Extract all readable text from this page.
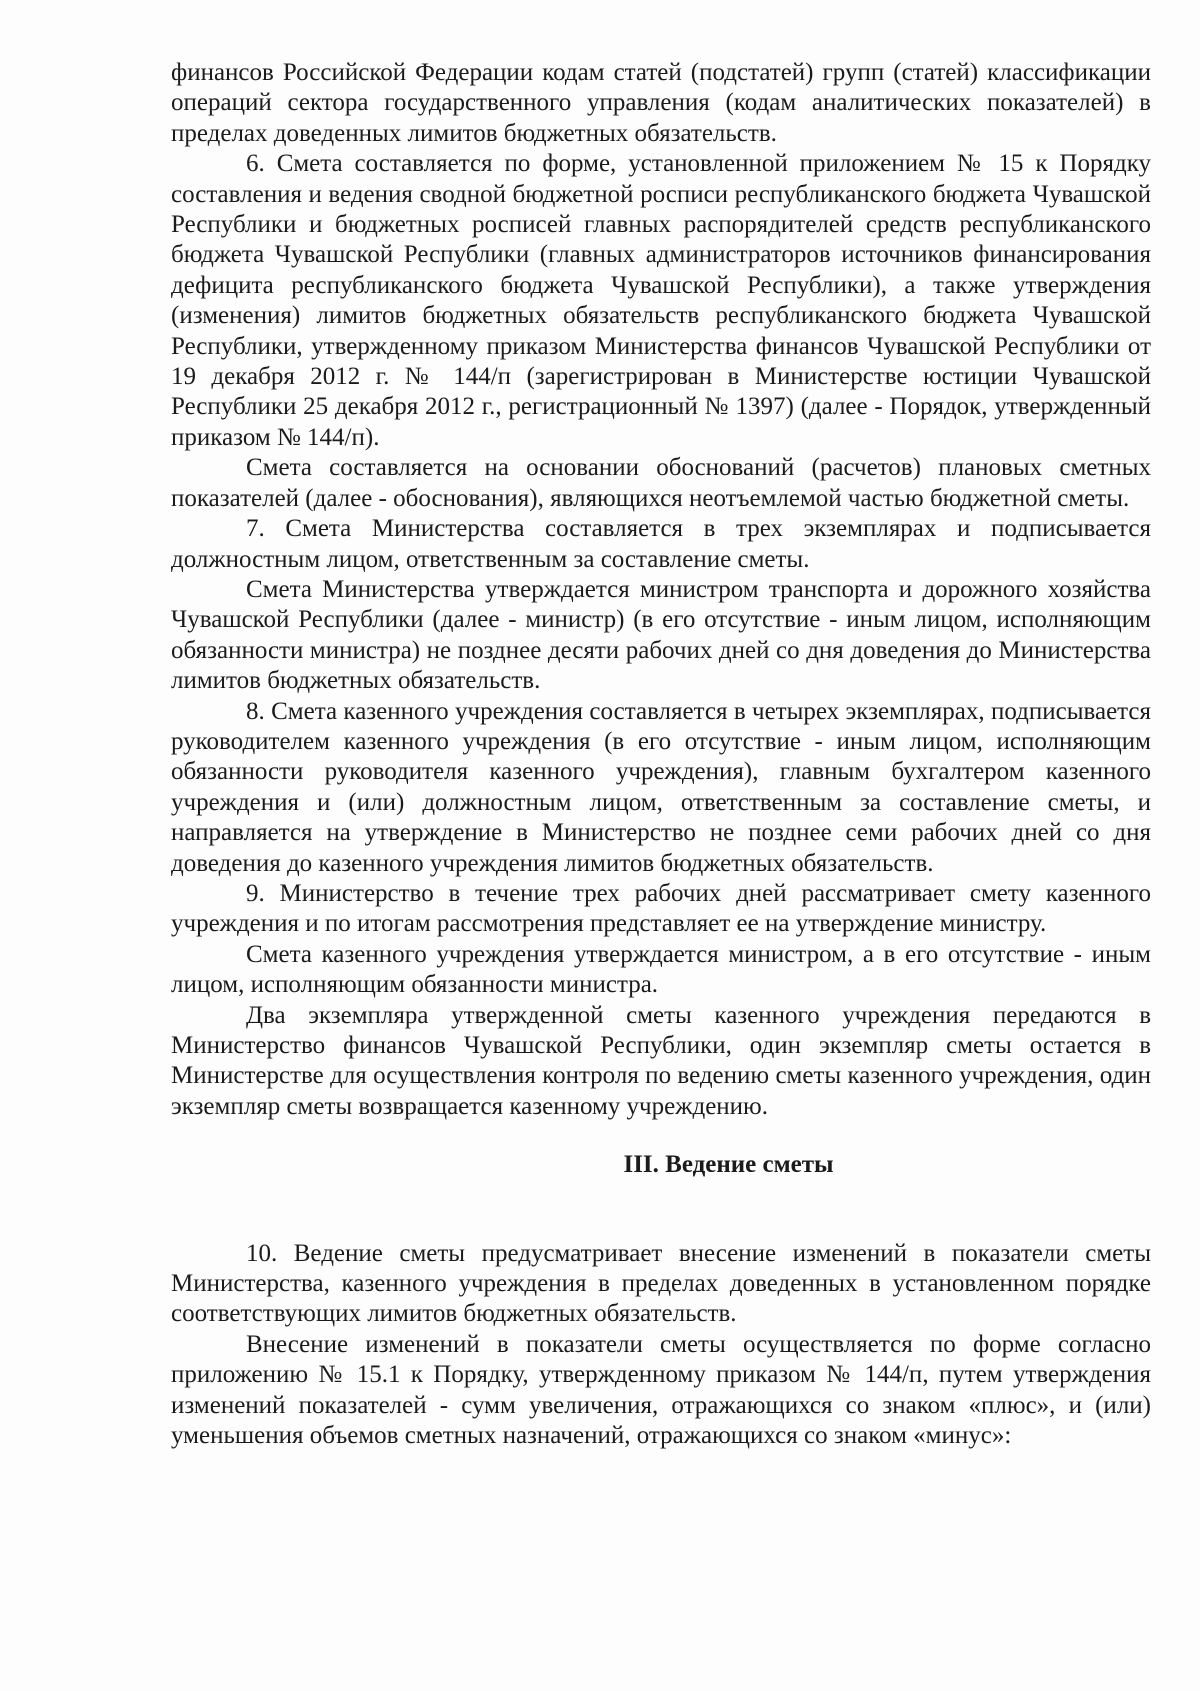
финансов Российской Федерации кодам статей (подстатей) групп (статей) классификации операций сектора государственного управления (кодам аналитических показателей) в пределах доведенных лимитов бюджетных обязательств.

6. Смета составляется по форме, установленной приложением № 15 к Порядку составления и ведения сводной бюджетной росписи республиканского бюджета Чувашской Республики и бюджетных росписей главных распорядителей средств республиканского бюджета Чувашской Республики (главных администраторов источников финансирования дефицита республиканского бюджета Чувашской Республики), а также утверждения (изменения) лимитов бюджетных обязательств республиканского бюджета Чувашской Республики, утвержденному приказом Министерства финансов Чувашской Республики от 19 декабря 2012 г. № 144/п (зарегистрирован в Министерстве юстиции Чувашской Республики 25 декабря 2012 г., регистрационный № 1397) (далее - Порядок, утвержденный приказом № 144/п).

Смета составляется на основании обоснований (расчетов) плановых сметных показателей (далее - обоснования), являющихся неотъемлемой частью бюджетной сметы.

7. Смета Министерства составляется в трех экземплярах и подписывается должностным лицом, ответственным за составление сметы.

Смета Министерства утверждается министром транспорта и дорожного хозяйства Чувашской Республики (далее - министр) (в его отсутствие - иным лицом, исполняющим обязанности министра) не позднее десяти рабочих дней со дня доведения до Министерства лимитов бюджетных обязательств.

8. Смета казенного учреждения составляется в четырех экземплярах, подписывается руководителем казенного учреждения (в его отсутствие - иным лицом, исполняющим обязанности руководителя казенного учреждения), главным бухгалтером казенного учреждения и (или) должностным лицом, ответственным за составление сметы, и направляется на утверждение в Министерство не позднее семи рабочих дней со дня доведения до казенного учреждения лимитов бюджетных обязательств.

9. Министерство в течение трех рабочих дней рассматривает смету казенного учреждения и по итогам рассмотрения представляет ее на утверждение министру.

Смета казенного учреждения утверждается министром, а в его отсутствие - иным лицом, исполняющим обязанности министра.

Два экземпляра утвержденной сметы казенного учреждения передаются в Министерство финансов Чувашской Республики, один экземпляр сметы остается в Министерстве для осуществления контроля по ведению сметы казенного учреждения, один экземпляр сметы возвращается казенному учреждению.

III. Ведение сметы

10. Ведение сметы предусматривает внесение изменений в показатели сметы Министерства, казенного учреждения в пределах доведенных в установленном порядке соответствующих лимитов бюджетных обязательств.

Внесение изменений в показатели сметы осуществляется по форме согласно приложению № 15.1 к Порядку, утвержденному приказом № 144/п, путем утверждения изменений показателей - сумм увеличения, отражающихся со знаком «плюс», и (или) уменьшения объемов сметных назначений, отражающихся со знаком «минус»:
